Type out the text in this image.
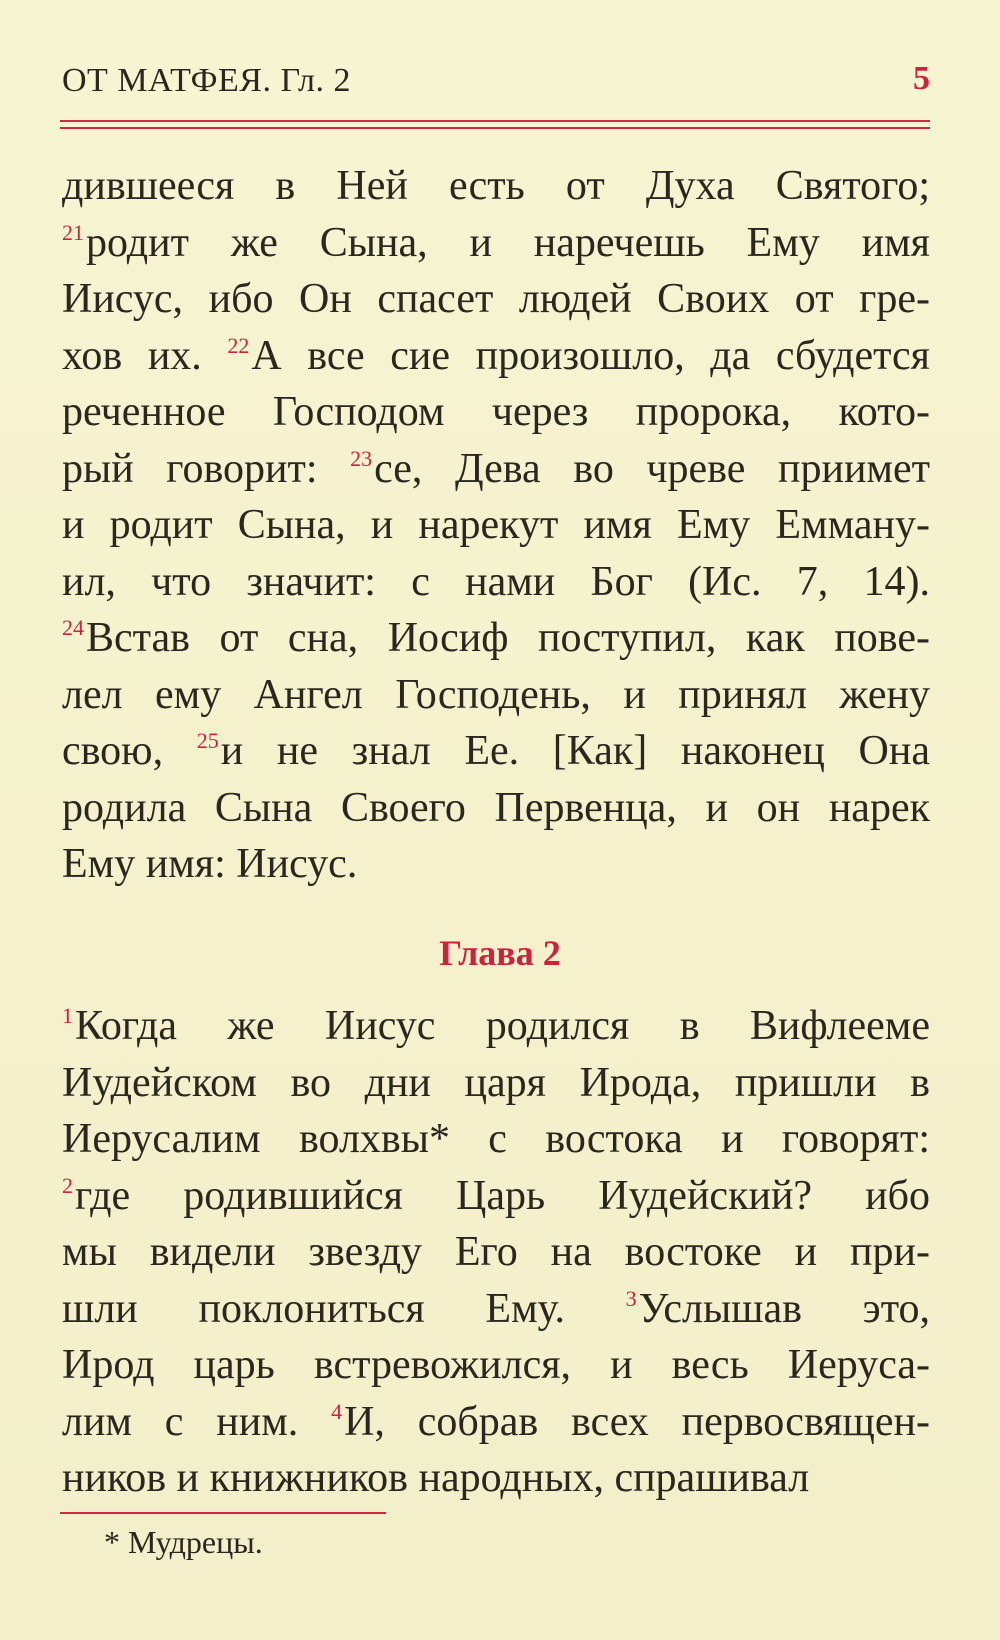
ОТ МАТФЕЯ. Гл. 2	5
дившееся в Ней есть от Духа Святого;
$^{21}$родит же Сына, и наречешь Ему имя
Иисус, ибо Он спасет людей Своих от гре-
хов их. $^{22}$А все сие произошло, да сбудется
реченное Господом через пророка, кото-
рый говорит: $^{23}$се, Дева во чреве приимет
и родит Сына, и нарекут имя Ему Емману-
ил, что значит: с нами Бог (Ис. 7, 14).
$^{24}$Встав от сна, Иосиф поступил, как пове-
лел ему Ангел Господень, и принял жену
свою, $^{25}$и не знал Ее. [Как] наконец Она
родила Сына Своего Первенца, и он нарек
Ему имя: Иисус.
Глава 2
$^1$Когда же Иисус родился в Вифлееме
Иудейском во дни царя Ирода, пришли в
Иерусалим волхвы* с востока и говорят:
$^2$где родившийся Царь Иудейский? ибо
мы видели звезду Его на востоке и при-
шли поклониться Ему. $^3$Услышав это,
Ирод царь встревожился, и весь Иеруса-
лим с ним. $^4$И, собрав всех первосвящен-
ников и книжников народных, спрашивал
* Мудрецы.
